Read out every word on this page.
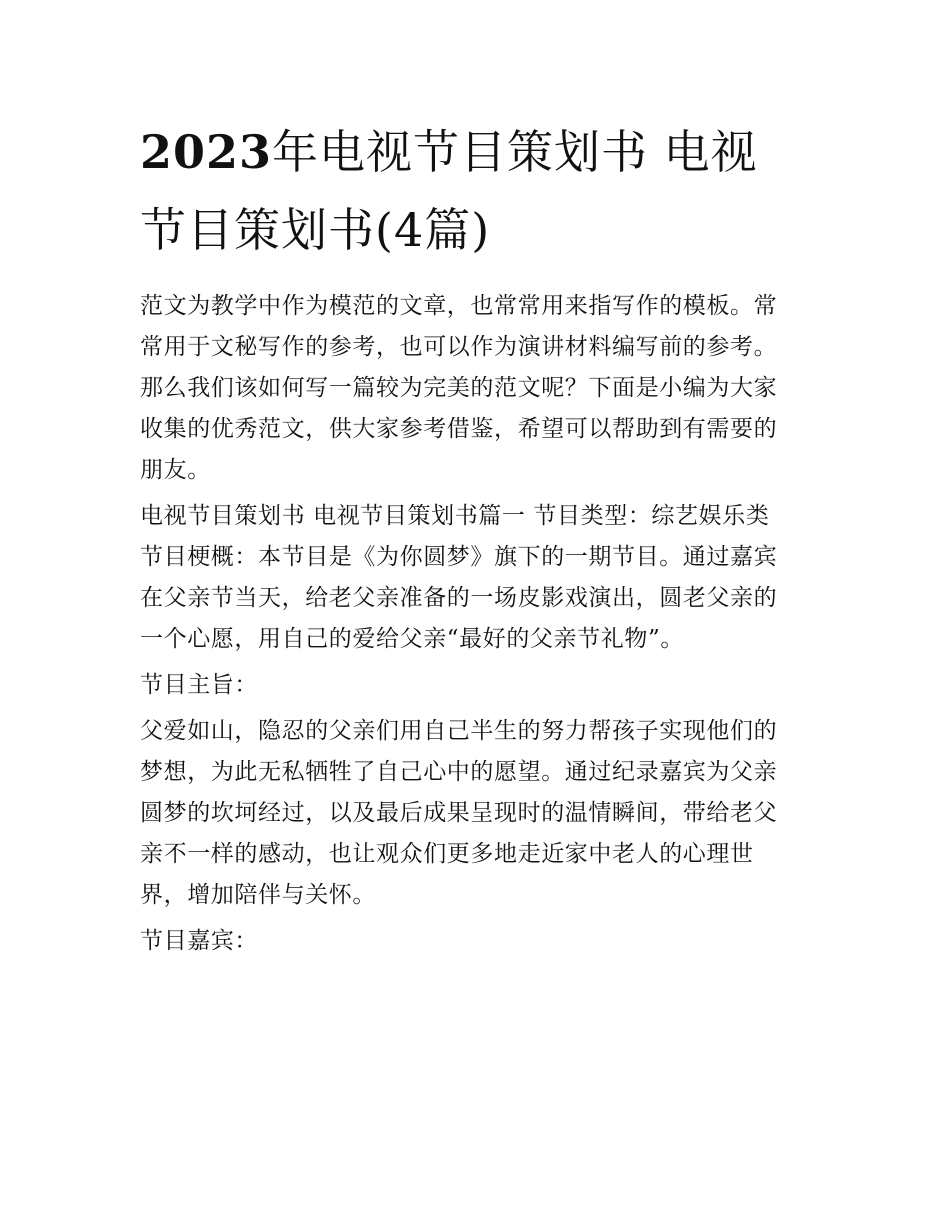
2023年电视节目策划书 电视
节目策划书(4篇)

范文为教学中作为模范的文章，也常常用来指写作的模板。常
常用于文秘写作的参考，也可以作为演讲材料编写前的参考。
那么我们该如何写一篇较为完美的范文呢？下面是小编为大家
收集的优秀范文，供大家参考借鉴，希望可以帮助到有需要的
朋友。

电视节目策划书 电视节目策划书篇一 节目类型：综艺娱乐类
节目梗概：本节目是《为你圆梦》旗下的一期节目。通过嘉宾
在父亲节当天，给老父亲准备的一场皮影戏演出，圆老父亲的
一个心愿，用自己的爱给父亲“最好的父亲节礼物”。

节目主旨：

父爱如山，隐忍的父亲们用自己半生的努力帮孩子实现他们的
梦想，为此无私牺牲了自己心中的愿望。通过纪录嘉宾为父亲
圆梦的坎坷经过，以及最后成果呈现时的温情瞬间，带给老父
亲不一样的感动，也让观众们更多地走近家中老人的心理世
界，增加陪伴与关怀。

节目嘉宾：
